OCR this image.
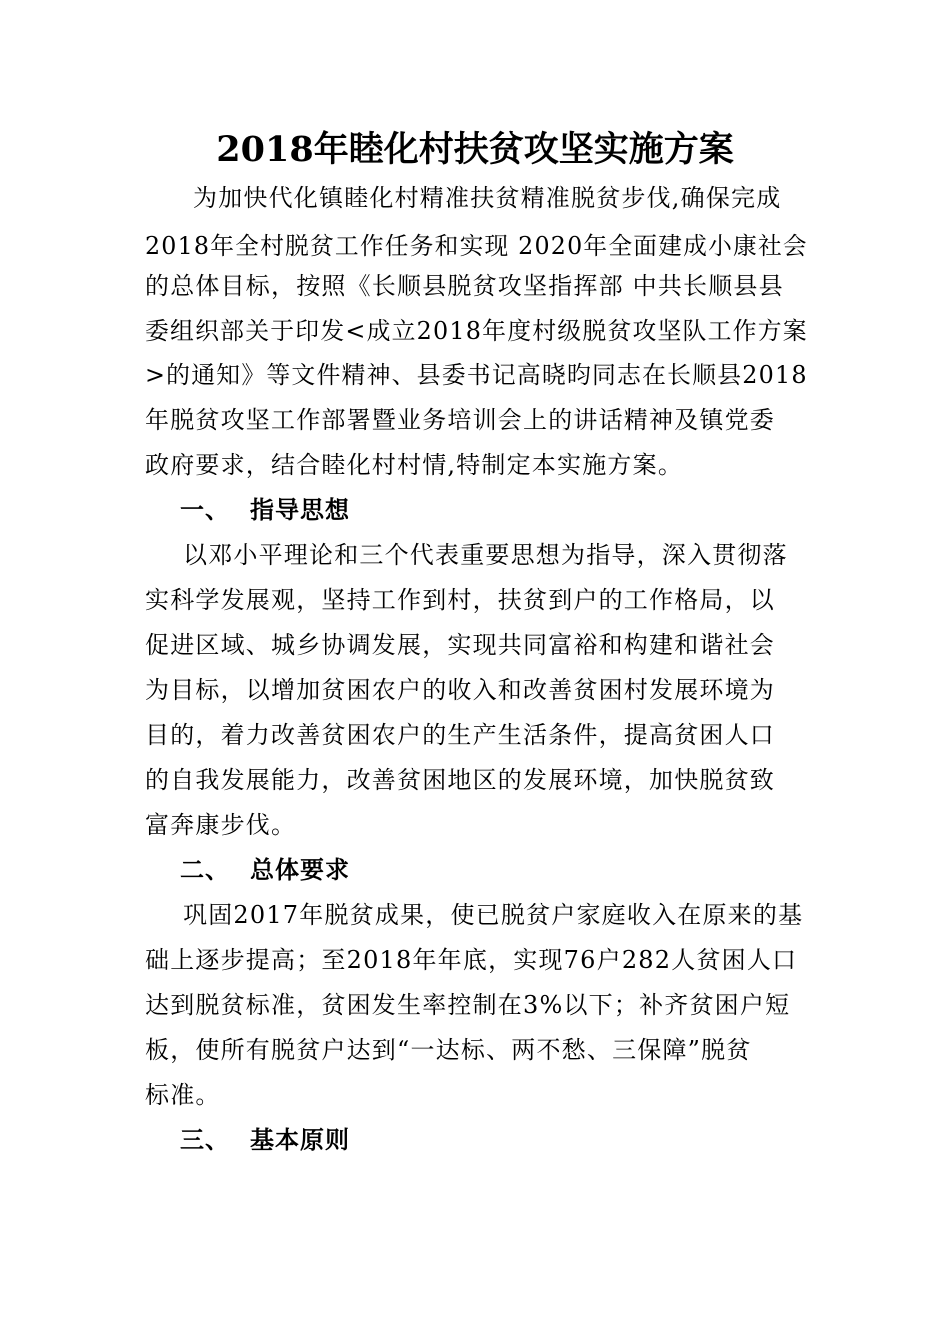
2018年睦化村扶贫攻坚实施方案
为加快代化镇睦化村精准扶贫精准脱贫步伐,确保完成
2018年全村脱贫工作任务和实现 2020年全面建成小康社会
的总体目标，按照《长顺县脱贫攻坚指挥部 中共长顺县县
委组织部关于印发<成立2018年度村级脱贫攻坚队工作方案
>的通知》等文件精神、县委书记高晓昀同志在长顺县2018
年脱贫攻坚工作部署暨业务培训会上的讲话精神及镇党委
政府要求，结合睦化村村情,特制定本实施方案。
一、 指导思想
以邓小平理论和三个代表重要思想为指导，深入贯彻落
实科学发展观，坚持工作到村，扶贫到户的工作格局，以
促进区域、城乡协调发展，实现共同富裕和构建和谐社会
为目标，以增加贫困农户的收入和改善贫困村发展环境为
目的，着力改善贫困农户的生产生活条件，提高贫困人口
的自我发展能力，改善贫困地区的发展环境，加快脱贫致
富奔康步伐。
二、 总体要求
巩固2017年脱贫成果，使已脱贫户家庭收入在原来的基
础上逐步提高；至2018年年底，实现76户282人贫困人口
达到脱贫标准，贫困发生率控制在3%以下；补齐贫困户短
板，使所有脱贫户达到“一达标、两不愁、三保障”脱贫
标准。
三、 基本原则
